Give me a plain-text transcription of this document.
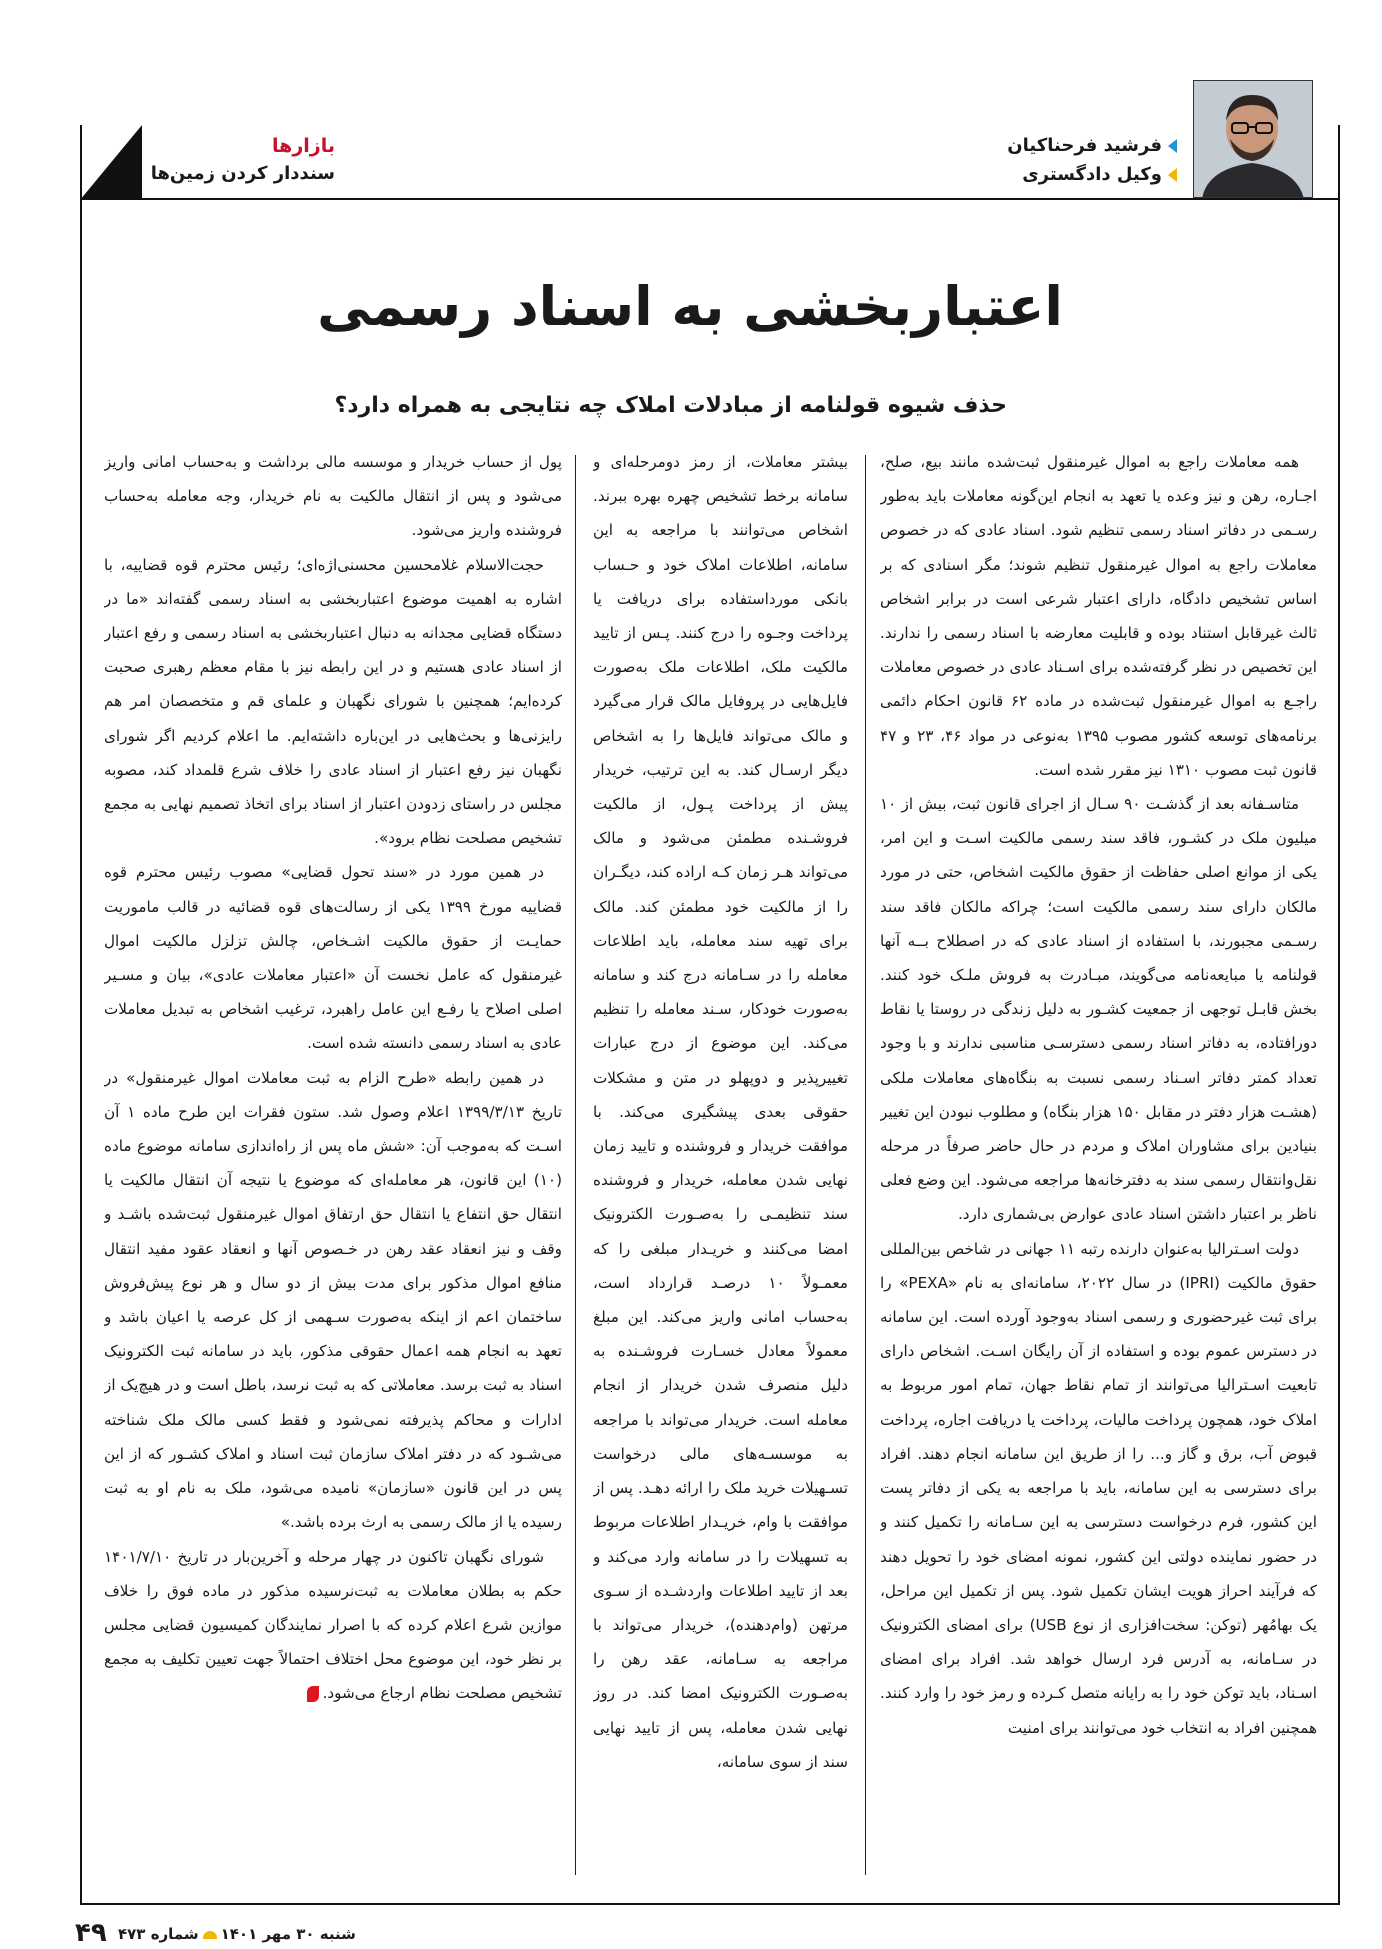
بازارها
سنددار کردن زمین‌ها
فرشید فرحناکیان
وکیل دادگستری
اعتباربخشی به اسناد رسمی
حذف شیوه قولنامه از مبادلات املاک چه نتایجی به همراه دارد؟

همه معاملات راجع به اموال غیرمنقول ثبت‌شده مانند بیع، صلح، اجـاره، رهن و نیز وعده یا تعهد به انجام این‌گونه معاملات باید به‌طور رسـمی در دفاتر اسناد رسمی تنظیم شود. اسناد عادی که در خصوص معاملات راجع به اموال غیرمنقول تنظیم شوند؛ مگر اسنادی که بر اساس تشخیص دادگاه، دارای اعتبار شرعی است در برابر اشخاص ثالث غیرقابل استناد بوده و قابلیت معارضه با اسناد رسمی را ندارند. این تخصیص در نظر گرفته‌شده برای اسـناد عادی در خصوص معاملات راجـع به اموال غیرمنقول ثبت‌شده در ماده ۶۲ قانون احکام دائمی برنامه‌های توسعه کشور مصوب ۱۳۹۵ به‌نوعی در مواد ۴۶، ۲۳ و ۴۷ قانون ثبت مصوب ۱۳۱۰ نیز مقرر شده است.

متاسـفانه بعد از گذشـت ۹۰ سـال از اجرای قانون ثبت، بیش از ۱۰ میلیون ملک در کشـور، فاقد سند رسمی مالکیت اسـت و این امر، یکی از موانع اصلی حفاظت از حقوق مالکیت اشخاص، حتی در مورد مالکان دارای سند رسمی مالکیت است؛ چراکه مالکان فاقد سند رسـمی مجبورند، با استفاده از اسناد عادی که در اصطلاح بــه آنها قولنامه یا مبایعه‌نامه می‌گویند، مبـادرت به فروش ملـک خود کنند. بخش قابـل توجهی از جمعیت کشـور به دلیل زندگی در روستا یا نقاط دورافتاده، به دفاتر اسناد رسمی دسترسـی مناسبی ندارند و با وجود تعداد کمتر دفاتر اسـناد رسمی نسبت به بنگاه‌های معاملات ملکی (هشـت هزار دفتر در مقابل ۱۵۰ هزار بنگاه) و مطلوب نبودن این تغییر بنیادین برای مشاوران املاک و مردم در حال حاضر صرفاً در مرحله نقل‌وانتقال رسمی سند به دفترخانه‌ها مراجعه می‌شود. این وضع فعلی ناظر بر اعتبار داشتن اسناد عادی عوارض بی‌شماری دارد.

دولت اسـترالیا به‌عنوان دارنده رتبه ۱۱ جهانی در شاخص بین‌المللی حقوق مالکیت (IPRI) در سال ۲۰۲۲، سامانه‌ای به نام «PEXA» را برای ثبت غیرحضوری و رسمی اسناد به‌وجود آورده است. این سامانه در دسترس عموم بوده و استفاده از آن رایگان اسـت. اشخاص دارای تابعیت اسـترالیا می‌توانند از تمام نقاط جهان، تمام امور مربوط به املاک خود، همچون پرداخت مالیات، پرداخت یا دریافت اجاره، پرداخت قبوض آب، برق و گاز و... را از طریق این سامانه انجام دهند. افراد برای دسترسی به این سامانه، باید با مراجعه به یکی از دفاتر پست این کشور، فرم درخواست دسترسی به این سـامانه را تکمیل کنند و در حضور نماینده دولتی این کشور، نمونه امضای خود را تحویل دهند که فرآیند احراز هویت ایشان تکمیل شود. پس از تکمیل این مراحل، یک بهامُهر (توکن: سخت‌افزاری از نوع USB) برای امضای الکترونیک در سـامانه، به آدرس فرد ارسال خواهد شد. افراد برای امضای اسـناد، باید توکن خود را به رایانه متصل کـرده و رمز خود را وارد کنند. همچنین افراد به انتخاب خود می‌توانند برای امنیت

بیشتر معاملات، از رمز دومرحله‌ای و سامانه برخط تشخیص چهره بهره ببرند. اشخاص می‌توانند با مراجعه به این سامانه، اطلاعات املاک خود و حـساب بانکی مورداستفاده برای دریافت یا پرداخت وجـوه را درج کنند. پـس از تایید مالکیت ملک، اطلاعات ملک به‌صورت فایل‌هایی در پروفایل مالک قرار می‌گیرد و مالک می‌تواند فایل‌ها را به اشخاص دیگر ارسـال کند. به این ترتیب، خریدار پیش از پرداخت پـول، از مالکیت فروشـنده مطمئن می‌شود و مالک می‌تواند هـر زمان کـه اراده کند، دیگـران را از مالکیت خود مطمئن کند. مالک برای تهیه سند معامله، باید اطلاعات معامله را در سـامانه درج کند و سامانه به‌صورت خودکار، سـند معامله را تنظیم می‌کند. این موضوع از درج عبارات تغییرپذیر و دوپهلو در متن و مشکلات حقوقی بعدی پیشگیری می‌کند. با موافقت خریدار و فروشنده و تایید زمان نهایی شدن معامله، خریدار و فروشنده سند تنظیمـی را به‌صـورت الکترونیک امضا می‌کنند و خریـدار مبلغی را که معمـولاً ۱۰ درصـد قرارداد است، به‌حساب امانی واریز می‌کند. این مبلغ معمولاً معادل خسـارت فروشـنده به دلیل منصرف شدن خریدار از انجام معامله است. خریدار می‌تواند با مراجعه به موسسـه‌های مالی درخواست تسـهیلات خرید ملک را ارائه دهـد. پس از موافقت با وام، خریـدار اطلاعات مربوط به تسهیلات را در سامانه وارد می‌کند و بعد از تایید اطلاعات واردشـده از سـوی مرتهن (وام‌دهنده)، خریدار می‌تواند با مراجعه به سـامانه، عقد رهن را به‌صـورت الکترونیک امضا کند. در روز نهایی شدن معامله، پس از تایید نهایی سند از سوی سامانه،

پول از حساب خریدار و موسسه مالی برداشت و به‌حساب امانی واریز می‌شود و پس از انتقال مالکیت به نام خریدار، وجه معامله به‌حساب فروشنده واریز می‌شود.

حجت‌الاسلام غلامحسین محسنی‌اژه‌ای؛ رئیس محترم قوه قضاییه، با اشاره به اهمیت موضوع اعتباربخشی به اسناد رسمی گفته‌اند «ما در دستگاه قضایی مجدانه به دنبال اعتباربخشی به اسناد رسمی و رفع اعتبار از اسناد عادی هستیم و در این رابطه نیز با مقام معظم رهبری صحبت کرده‌ایم؛ همچنین با شورای نگهبان و علمای قم و متخصصان امر هم رایزنی‌ها و بحث‌هایی در این‌باره داشته‌ایم. ما اعلام کردیم اگر شورای نگهبان نیز رفع اعتبار از اسناد عادی را خلاف شرع قلمداد کند، مصوبه مجلس در راستای زدودن اعتبار از اسناد برای اتخاذ تصمیم نهایی به مجمع تشخیص مصلحت نظام برود».

در همین مورد در «سند تحول قضایی» مصوب رئیس محترم قوه قضاییه مورخ ۱۳۹۹ یکی از رسالت‌های قوه قضائیه در قالب ماموریت حمایـت از حقوق مالکیت اشـخاص، چالش تزلزل مالکیت اموال غیرمنقول که عامل نخست آن «اعتبار معاملات عادی»، بیان و مسـیر اصلی اصلاح یا رفـع این عامل راهبرد، ترغیب اشخاص به تبدیل معاملات عادی به اسناد رسمی دانسته شده است.

در همین رابطه «طرح الزام به ثبت معاملات اموال غیرمنقول» در تاریخ ۱۳۹۹/۳/۱۳ اعلام وصول شد. ستون فقرات این طرح ماده ۱ آن اسـت که به‌موجب آن: «شش ماه پس از راه‌اندازی سامانه موضوع ماده (۱۰) این قانون، هر معامله‌ای که موضوع یا نتیجه آن انتقال مالکیت یا انتقال حق انتفاع یا انتقال حق ارتفاق اموال غیرمنقول ثبت‌شده باشـد و وقف و نیز انعقاد عقد رهن در خـصوص آنها و انعقاد عقود مفید انتقال منافع اموال مذکور برای مدت بیش از دو سال و هر نوع پیش‌فروش ساختمان اعم از اینکه به‌صورت سـهمی از کل عرصه یا اعیان باشد و تعهد به انجام همه اعمال حقوقی مذکور، باید در سامانه ثبت الکترونیک اسناد به ثبت برسد. معاملاتی که به ثبت نرسد، باطل است و در هیچ‌یک از ادارات و محاکم پذیرفته نمی‌شود و فقط کسی مالک ملک شناخته می‌شـود که در دفتر املاک سازمان ثبت اسناد و املاک کشـور که از این پس در این قانون «سازمان» نامیده می‌شود، ملک به نام او به ثبت رسیده یا از مالک رسمی به ارث برده باشد.»

شورای نگهبان تاکنون در چهار مرحله و آخرین‌بار در تاریخ ۱۴۰۱/۷/۱۰ حکم به بطلان معاملات به ثبت‌نرسیده مذکور در ماده فوق را خلاف موازین شرع اعلام کرده که با اصرار نمایندگان کمیسیون قضایی مجلس بر نظر خود، این موضوع محل اختلاف احتمالاً جهت تعیین تکلیف به مجمع تشخیص مصلحت نظام ارجاع می‌شود.

۴۹	شنبه ۳۰ مهر ۱۴۰۱شماره ۴۷۳
